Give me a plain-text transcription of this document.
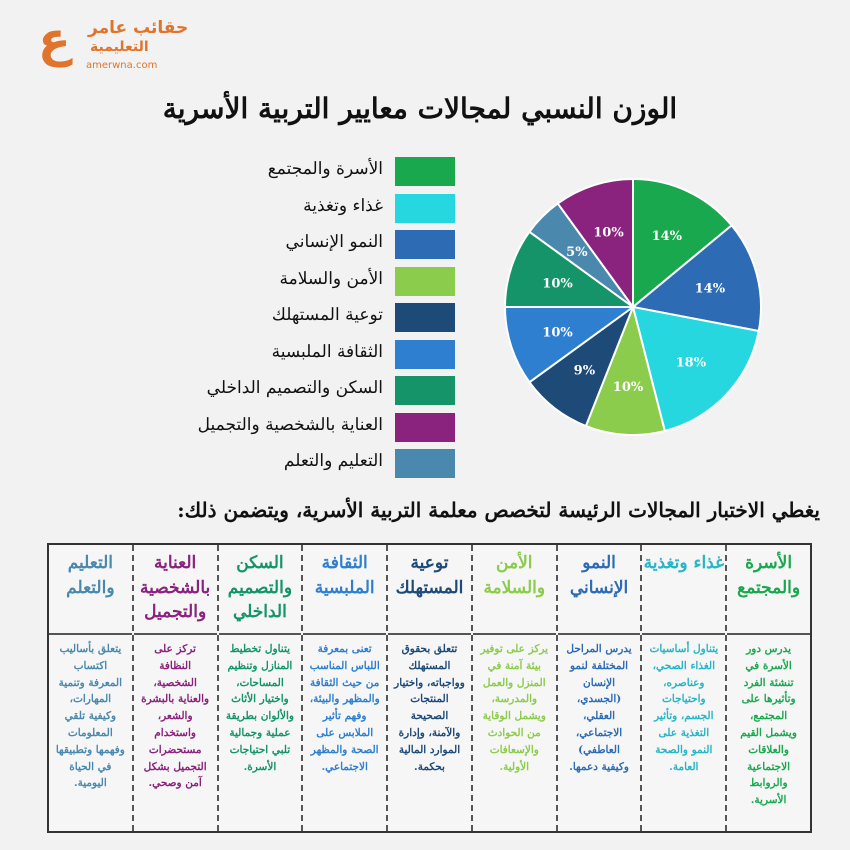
ع حقائب عامر
التعليمية
amerwna.com
الوزن النسبي لمجالات معايير التربية الأسرية
الأسرة والمجتمع
غذاء وتغذية
النمو الإنساني
الأمن والسلامة
توعية المستهلك
الثقافة الملبسية
السكن والتصميم الداخلي
العناية بالشخصية والتجميل
التعليم والتعلم
14%
14%
18%
10%
9%
10%
10%
5%
10%
يغطي الاختبار المجالات الرئيسة لتخصص معلمة التربية الأسرية، ويتضمن ذلك:
الأسرة والمجتمع
يدرس دور الأسرة في تنشئة الفرد وتأثيرها على المجتمع، ويشمل القيم والعلاقات الاجتماعية والروابط الأسرية.
غذاء وتغذية
يتناول أساسيات الغذاء الصحي، وعناصره، واحتياجات الجسم، وتأثير التغذية على النمو والصحة العامة.
النمو الإنساني
يدرس المراحل المختلفة لنمو الإنسان (الجسدي، العقلي، الاجتماعي، العاطفي) وكيفية دعمها.
الأمن والسلامة
يركز على توفير بيئة آمنة في المنزل والعمل والمدرسة، ويشمل الوقاية من الحوادث والإسعافات الأولية.
توعية المستهلك
تتعلق بحقوق المستهلك وواجباته، واختيار المنتجات الصحيحة والآمنة، وإدارة الموارد المالية بحكمة.
الثقافة الملبسية
تعنى بمعرفة اللباس المناسب من حيث الثقافة والمظهر والبيئة، وفهم تأثير الملابس على الصحة والمظهر الاجتماعي.
السكن والتصميم الداخلي
يتناول تخطيط المنازل وتنظيم المساحات، واختيار الأثاث والألوان بطريقة عملية وجمالية تلبي احتياجات الأسرة.
العناية بالشخصية والتجميل
تركز على النظافة الشخصية، والعناية بالبشرة والشعر، واستخدام مستحضرات التجميل بشكل آمن وصحي.
التعليم والتعلم
يتعلق بأساليب اكتساب المعرفة وتنمية المهارات، وكيفية تلقي المعلومات وفهمها وتطبيقها في الحياة اليومية.
